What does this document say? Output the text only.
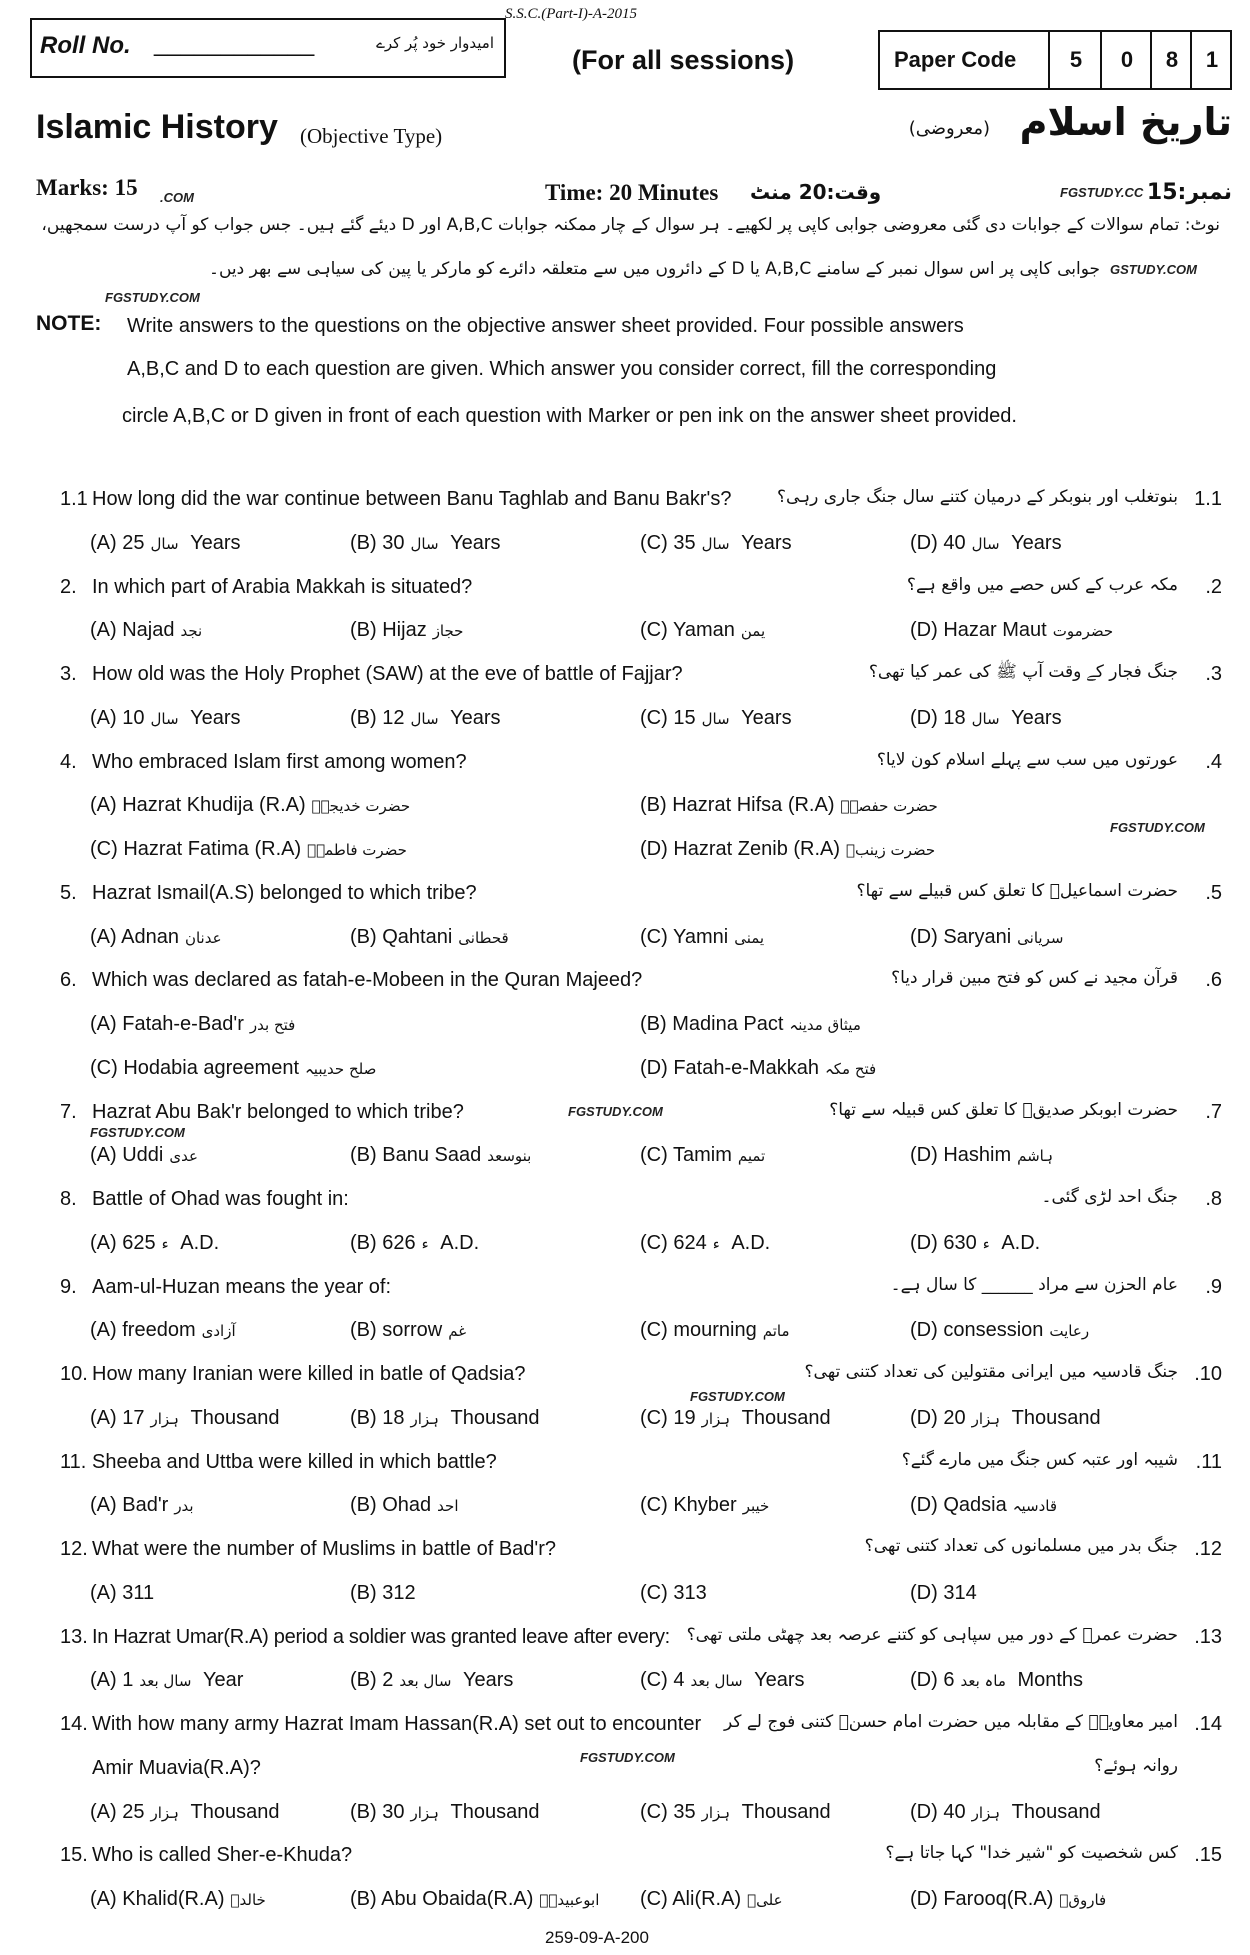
S.S.C.(Part-I)-A-2015
Roll No. ____________	امیدوار خود پُر کرے
(For all sessions)	Paper Code	5	0	8	1
Islamic History (Objective Type)	تاریخ اسلام
(معروضی)
Marks: 15	Time: 20 Minutes وقت:20 منٹ	نمبر:15
نوٹ: تمام سوالات کے جوابات دی گئی معروضی جوابی کاپی پر لکھیے۔ ہر سوال کے چار ممکنہ جوابات A,B,C اور D دیئے گئے ہیں۔ جس جواب کو آپ درست سمجھیں،
جوابی کاپی پر اس سوال نمبر کے سامنے A,B,C یا D کے دائروں میں سے متعلقہ دائرے کو مارکر یا پین کی سیاہی سے بھر دیں۔
NOTE: Write answers to the questions on the objective answer sheet provided. Four possible answers
A,B,C and D to each question are given. Which answer you consider correct, fill the corresponding
circle A,B,C or D given in front of each question with Marker or pen ink on the answer sheet provided.
1.1 How long did the war continue between Banu Taghlab and Banu Bakr's?	بنوتغلب اور بنوبکر کے درمیان کتنے سال جنگ جاری رہی؟ 1.1
(A) سال25 Years	(B) سال30 Years	(C) سال35 Years	(D) سال40 Years
2. In which part of Arabia Makkah is situated?	مکہ عرب کے کس حصے میں واقع ہے؟ .2
(A) Najad نجد	(B) Hijaz حجاز	(C) Yaman یمن	(D) Hazar Maut حضرموت
3. How old was the Holy Prophet (SAW) at the eve of battle of Fajjar?	جنگ فجار کے وقت آپ ﷺ کی عمر کیا تھی؟ .3
(A) سال10 Years	(B) سال12 Years	(C) سال15 Years	(D) سال18 Years
4. Who embraced Islam first among women?	عورتوں میں سب سے پہلے اسلام کون لایا؟ .4
(A) Hazrat Khudija (R.A) حضرت خدیجہؓ	(B) Hazrat Hifsa (R.A) حضرت حفصہؓ
(C) Hazrat Fatima (R.A) حضرت فاطمہؓ	(D) Hazrat Zenib (R.A) حضرت زینبؓ
5. Hazrat Ismail(A.S) belonged to which tribe?	حضرت اسماعیلؑ کا تعلق کس قبیلے سے تھا؟ .5
(A) Adnan عدنان	(B) Qahtani قحطانی	(C) Yamni یمنی	(D) Saryani سریانی
6. Which was declared as fatah-e-Mobeen in the Quran Majeed?	قرآن مجید نے کس کو فتح مبین قرار دیا؟ .6
(A) Fatah-e-Bad'r فتح بدر	(B) Madina Pact میثاق مدینہ
(C) Hodabia agreement صلح حدیبیہ	(D) Fatah-e-Makkah فتح مکہ
7. Hazrat Abu Bak'r belonged to which tribe?	حضرت ابوبکر صدیقؓ کا تعلق کس قبیلہ سے تھا؟ .7
(A) Uddi عدی	(B) Banu Saad بنوسعد	(C) Tamim تمیم	(D) Hashim ہاشم
8. Battle of Ohad was fought in:	جنگ احد لڑی گئی۔ .8
(A)	ء625 A.D.	(B)	ء626 A.D.	(C)	ء624 A.D.	(D)	ء630 A.D.
9. Aam-ul-Huzan means the year of:	عام الحزن سے مراد ______ کا سال ہے۔ .9
(A) freedom آزادی	(B) sorrow غم	(C) mourning ماتم	(D) consession رعایت
10. How many Iranian were killed in batle of Qadsia?	جنگ قادسیہ میں ایرانی مقتولین کی تعداد کتنی تھی؟ .10
(A) ہزار17 Thousand	(B) ہزار18 Thousand	(C) ہزار19 Thousand	(D) ہزار20 Thousand
11. Sheeba and Uttba were killed in which battle?	شیبہ اور عتبہ کس جنگ میں مارے گئے؟ .11
(A) Bad'r بدر	(B) Ohad احد	(C) Khyber خیبر	(D) Qadsia قادسیہ
12. What were the number of Muslims in battle of Bad'r?	جنگ بدر میں مسلمانوں کی تعداد کتنی تھی؟ .12
(A) 311	(B) 312	(C) 313	(D) 314
13. In Hazrat Umar(R.A) period a soldier was granted leave after every: حضرت عمرؓ کے دور میں سپاہی کو کتنے عرصہ بعد چھٹی ملتی تھی؟ .13
(A) سال بعد1 Year	(B) سال بعد2 Years	(C) سال بعد4 Years	(D) ماہ بعد6 Months
14. With how many army Hazrat Imam Hassan(R.A) set out to encounter امیر معاویہؓ کے مقابلہ میں حضرت امام حسنؓ کتنی فوج لے کر .14
Amir Muavia(R.A)?	روانہ ہوئے؟
(A) ہزار25 Thousand	(B) ہزار30 Thousand	(C) ہزار35 Thousand	(D) ہزار40 Thousand
15. Who is called Sher-e-Khuda?	کس شخصیت کو "شیر خدا" کہا جاتا ہے؟ .15
(A) Khalid(R.A) خالدؓ	(B) Abu Obaida(R.A) ابوعبیدہؓ	(C) Ali(R.A) علیؓ	(D) Farooq(R.A) فاروقؓ
FGSTUDY.COM
GSTUDY.COM
FGSTUDY.CC
.COM
FGSTUDY.COM
FGSTUDY.COM
FGSTUDY.COM
FGSTUDY.COM
FGSTUDY.COM
259-09-A-200
